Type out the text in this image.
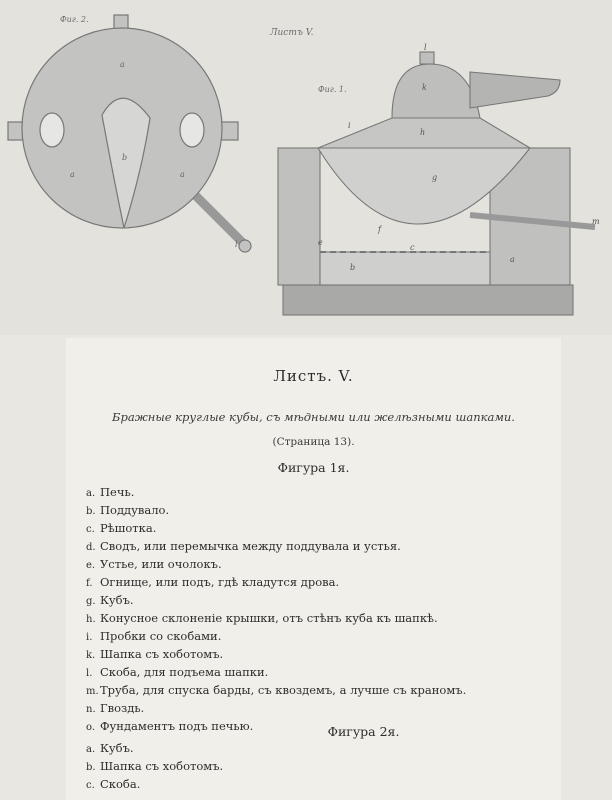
a
a	a
b
l
l
k
i
h
g
f
e
c
b
a
m
Листъ V.
Фиг. 2.
Фиг. 1.
Листъ. V.
Бражные круглые кубы, съ мѣдными или желѣзными шапками.
(Страница 13).
Фигура 1я.
a. Печь.
b. Поддувало.
c. Рѣшотка.
d. Сводъ, или перемычка между поддувала и устья.
e. Устье, или очолокъ.
f. Огнище, или подъ, гдѣ кладутся дрова.
g. Кубъ.
h. Конусное склоненіе крышки, отъ стѣнъ куба къ шапкѣ.
i. Пробки со скобами.
k. Шапка съ хоботомъ.
l. Скоба, для подъема шапки.
m.Труба, для спуска барды, съ квоздемъ, а лучше съ краномъ.
n. Гвоздь.
o. Фундаментъ подъ печью.	Фигура 2я.
a. Кубъ.
b. Шапка съ хоботомъ.
c. Скоба.
